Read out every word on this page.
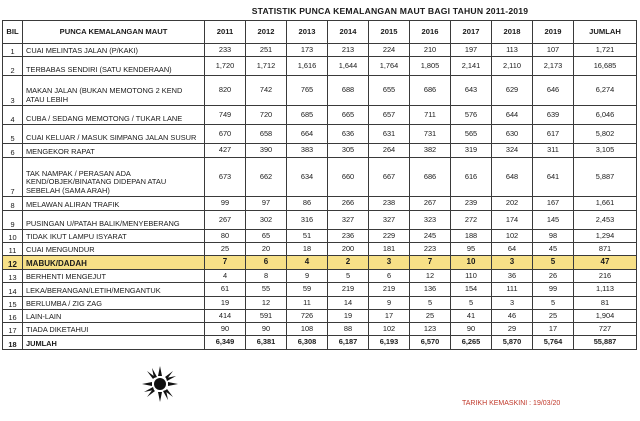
STATISTIK PUNCA KEMALANGAN MAUT BAGI TAHUN 2011-2019
BIL	PUNCA KEMALANGAN MAUT	2011	2012	2013	2014	2015	2016	2017	2018	2019	JUMLAH
1	CUAI MELINTAS JALAN (P/KAKI)	233	251	173	213	224	210	197	113	107	1,721
2	TERBABAS SENDIRI (SATU KENDERAAN)	1,720	1,712	1,616	1,644	1,764	1,805	2,141	2,110	2,173	16,685
3	MAKAN JALAN (BUKAN MEMOTONG 2 KEND ATAU LEBIH	820	742	765	688	655	686	643	629	646	6,274
4	CUBA / SEDANG MEMOTONG / TUKAR LANE	749	720	685	665	657	711	576	644	639	6,046
5	CUAI KELUAR / MASUK SIMPANG JALAN SUSUR	670	658	664	636	631	731	565	630	617	5,802
6	MENGEKOR RAPAT	427	390	383	305	264	382	319	324	311	3,105
7	TAK NAMPAK / PERASAN ADA KEND/OBJEK/BINATANG DIDEPAN ATAU SEBELAH (SAMA ARAH)	673	662	634	660	667	686	616	648	641	5,887
8	MELAWAN ALIRAN TRAFIK	99	97	86	266	238	267	239	202	167	1,661
9	PUSINGAN U/PATAH BALIK/MENYEBERANG	267	302	316	327	327	323	272	174	145	2,453
10	TIDAK IKUT LAMPU ISYARAT	80	65	51	236	229	245	188	102	98	1,294
11	CUAI MENGUNDUR	25	20	18	200	181	223	95	64	45	871
12	MABUK/DADAH	7	6	4	2	3	7	10	3	5	47
13	BERHENTI MENGEJUT	4	8	9	5	6	12	110	36	26	216
14	LEKA/BERANGAN/LETIH/MENGANTUK	61	55	59	219	219	136	154	111	99	1,113
15	BERLUMBA / ZIG ZAG	19	12	11	14	9	5	5	3	5	81
16	LAIN-LAIN	414	591	726	19	17	25	41	46	25	1,904
17	TIADA DIKETAHUI	90	90	108	88	102	123	90	29	17	727
18	JUMLAH	6,349	6,381	6,308	6,187	6,193	6,570	6,265	5,870	5,764	55,887
TARIKH KEMASKINI : 19/03/20
